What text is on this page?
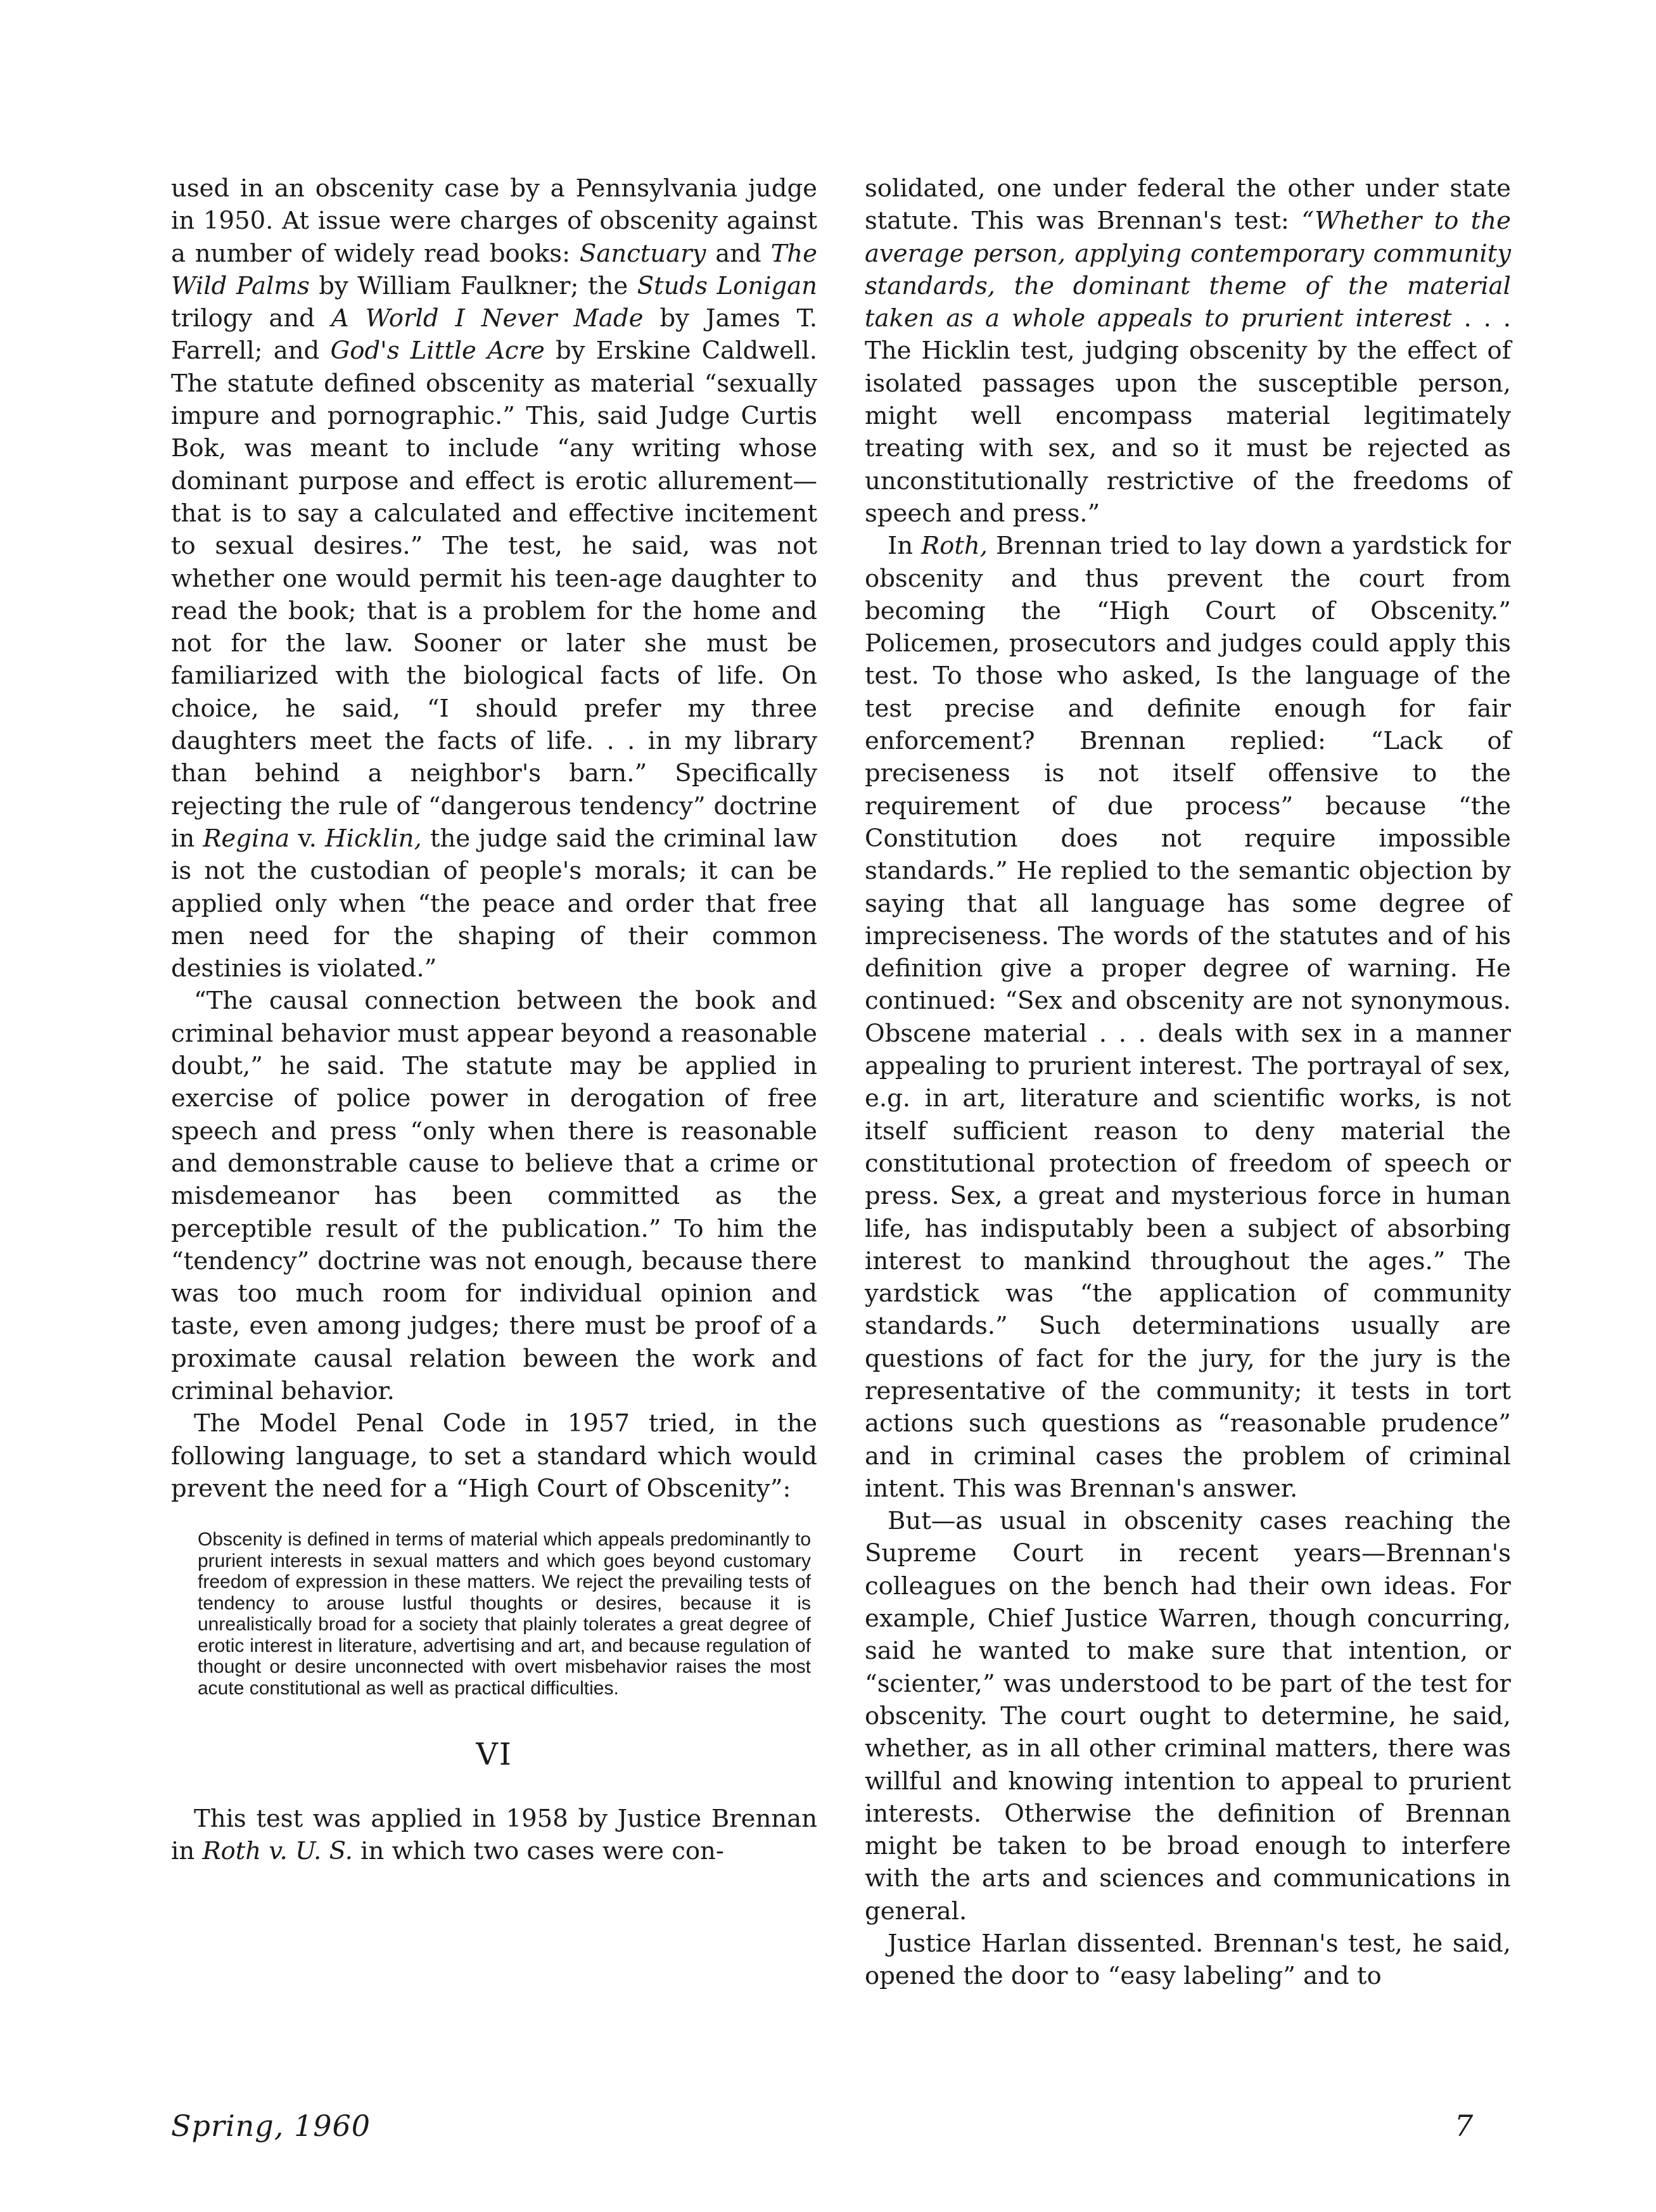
used in an obscenity case by a Pennsylvania judge in 1950. At issue were charges of obscenity against a number of widely read books: Sanctuary and The Wild Palms by William Faulkner; the Studs Lonigan trilogy and A World I Never Made by James T. Farrell; and God's Little Acre by Erskine Caldwell. The statute defined obscenity as material “sexually impure and pornographic.” This, said Judge Curtis Bok, was meant to include “any writing whose dominant purpose and effect is erotic allurement—that is to say a calculated and effective incitement to sexual desires.” The test, he said, was not whether one would permit his teen-age daughter to read the book; that is a problem for the home and not for the law. Sooner or later she must be familiarized with the biological facts of life. On choice, he said, “I should prefer my three daughters meet the facts of life. . . in my library than behind a neighbor's barn.” Specifically rejecting the rule of “dangerous tendency” doctrine in Regina v. Hicklin, the judge said the criminal law is not the custodian of people's morals; it can be applied only when “the peace and order that free men need for the shaping of their common destinies is violated.”

“The causal connection between the book and criminal behavior must appear beyond a reasonable doubt,” he said. The statute may be applied in exercise of police power in derogation of free speech and press “only when there is reasonable and demonstrable cause to believe that a crime or misdemeanor has been committed as the perceptible result of the publication.” To him the “tendency” doctrine was not enough, because there was too much room for individual opinion and taste, even among judges; there must be proof of a proximate causal relation beween the work and criminal behavior.

The Model Penal Code in 1957 tried, in the following language, to set a standard which would prevent the need for a “High Court of Obscenity”:

Obscenity is defined in terms of material which appeals predominantly to prurient interests in sexual matters and which goes beyond customary freedom of expression in these matters. We reject the prevailing tests of tendency to arouse lustful thoughts or desires, because it is unrealistically broad for a society that plainly tolerates a great degree of erotic interest in literature, advertising and art, and because regulation of thought or desire unconnected with overt misbehavior raises the most acute constitutional as well as practical difficulties.
VI

This test was applied in 1958 by Justice Brennan in Roth v. U. S. in which two cases were con-

solidated, one under federal the other under state statute. This was Brennan's test: “Whether to the average person, applying contemporary community standards, the dominant theme of the material taken as a whole appeals to prurient interest . . . The Hicklin test, judging obscenity by the effect of isolated passages upon the susceptible person, might well encompass material legitimately treating with sex, and so it must be rejected as unconstitutionally restrictive of the freedoms of speech and press.”

In Roth, Brennan tried to lay down a yardstick for obscenity and thus prevent the court from becoming the “High Court of Obscenity.” Policemen, prosecutors and judges could apply this test. To those who asked, Is the language of the test precise and definite enough for fair enforcement? Brennan replied: “Lack of preciseness is not itself offensive to the requirement of due process” because “the Constitution does not require impossible standards.” He replied to the semantic objection by saying that all language has some degree of impreciseness. The words of the statutes and of his definition give a proper degree of warning. He continued: “Sex and obscenity are not synonymous. Obscene material . . . deals with sex in a manner appealing to prurient interest. The portrayal of sex, e.g. in art, literature and scientific works, is not itself sufficient reason to deny material the constitutional protection of freedom of speech or press. Sex, a great and mysterious force in human life, has indisputably been a subject of absorbing interest to mankind throughout the ages.” The yardstick was “the application of community standards.” Such determinations usually are questions of fact for the jury, for the jury is the representative of the community; it tests in tort actions such questions as “reasonable prudence” and in criminal cases the problem of criminal intent. This was Brennan's answer.

But—as usual in obscenity cases reaching the Supreme Court in recent years—Brennan's colleagues on the bench had their own ideas. For example, Chief Justice Warren, though concurring, said he wanted to make sure that intention, or “scienter,” was understood to be part of the test for obscenity. The court ought to determine, he said, whether, as in all other criminal matters, there was willful and knowing intention to appeal to prurient interests. Otherwise the definition of Brennan might be taken to be broad enough to interfere with the arts and sciences and communications in general.

Justice Harlan dissented. Brennan's test, he said, opened the door to “easy labeling” and to

Spring, 1960	7
